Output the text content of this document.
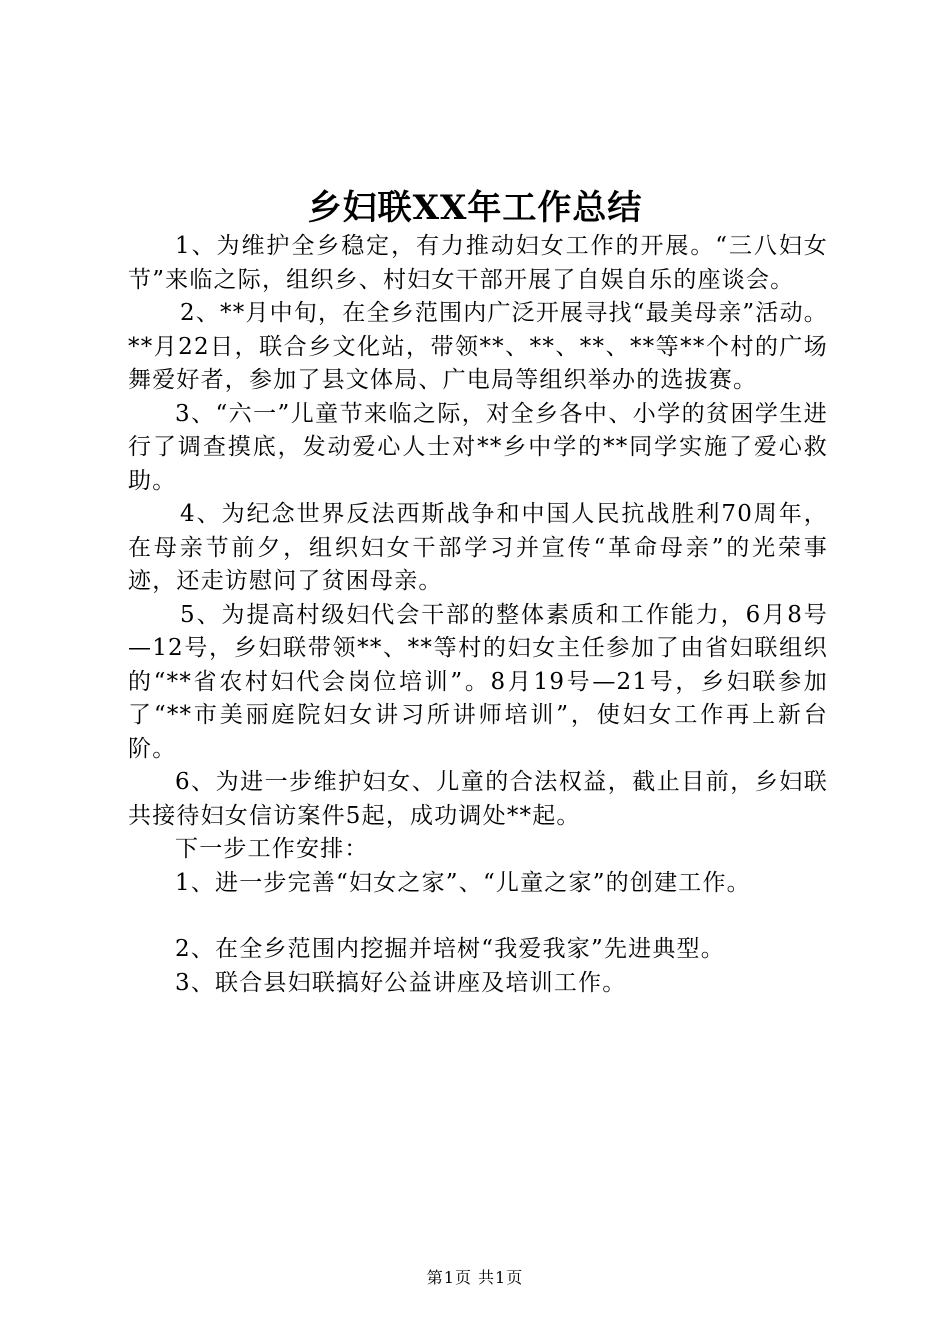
乡妇联XX年工作总结

1、为维护全乡稳定，有力推动妇女工作的开展。“三八妇女节”来临之际，组织乡、村妇女干部开展了自娱自乐的座谈会。

2、**月中旬，在全乡范围内广泛开展寻找“最美母亲”活动。**月22日，联合乡文化站，带领**、**、**、**等**个村的广场舞爱好者，参加了县文体局、广电局等组织举办的选拔赛。

3、“六一”儿童节来临之际，对全乡各中、小学的贫困学生进行了调查摸底，发动爱心人士对**乡中学的**同学实施了爱心救助。

4、为纪念世界反法西斯战争和中国人民抗战胜利70周年，在母亲节前夕，组织妇女干部学习并宣传“革命母亲”的光荣事迹，还走访慰问了贫困母亲。

5、为提高村级妇代会干部的整体素质和工作能力，6月8号—12号，乡妇联带领**、**等村的妇女主任参加了由省妇联组织的“**省农村妇代会岗位培训”。8月19号—21号，乡妇联参加了“**市美丽庭院妇女讲习所讲师培训”，使妇女工作再上新台阶。

6、为进一步维护妇女、儿童的合法权益，截止目前，乡妇联共接待妇女信访案件5起，成功调处**起。

下一步工作安排：

1、进一步完善“妇女之家”、“儿童之家”的创建工作。

2、在全乡范围内挖掘并培树“我爱我家”先进典型。

3、联合县妇联搞好公益讲座及培训工作。

第1页 共1页
